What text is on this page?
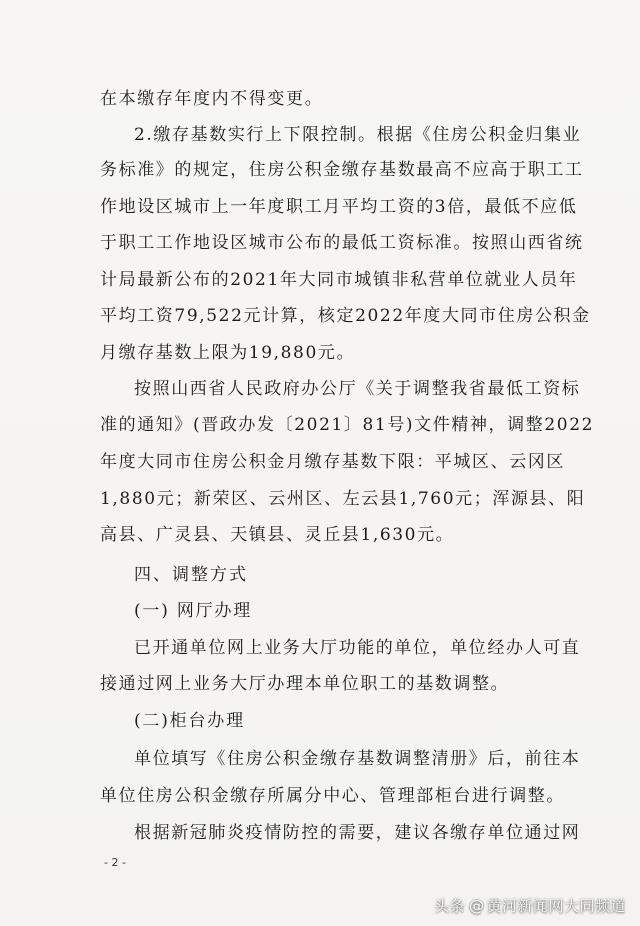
在本缴存年度内不得变更。
2.缴存基数实行上下限控制。根据《住房公积金归集业
务标准》的规定，住房公积金缴存基数最高不应高于职工工
作地设区城市上一年度职工月平均工资的3倍，最低不应低
于职工工作地设区城市公布的最低工资标准。按照山西省统
计局最新公布的2021年大同市城镇非私营单位就业人员年
平均工资79,522元计算，核定2022年度大同市住房公积金
月缴存基数上限为19,880元。
按照山西省人民政府办公厅《关于调整我省最低工资标
准的通知》(晋政办发〔2021〕81号)文件精神，调整2022
年度大同市住房公积金月缴存基数下限：平城区、云冈区
1,880元；新荣区、云州区、左云县1,760元；浑源县、阳
高县、广灵县、天镇县、灵丘县1,630元。
四、调整方式
(一) 网厅办理
已开通单位网上业务大厅功能的单位，单位经办人可直
接通过网上业务大厅办理本单位职工的基数调整。
(二)柜台办理
单位填写《住房公积金缴存基数调整清册》后，前往本
单位住房公积金缴存所属分中心、管理部柜台进行调整。
根据新冠肺炎疫情防控的需要，建议各缴存单位通过网
- 2 -
头条 @ 黄河新闻网大同频道
